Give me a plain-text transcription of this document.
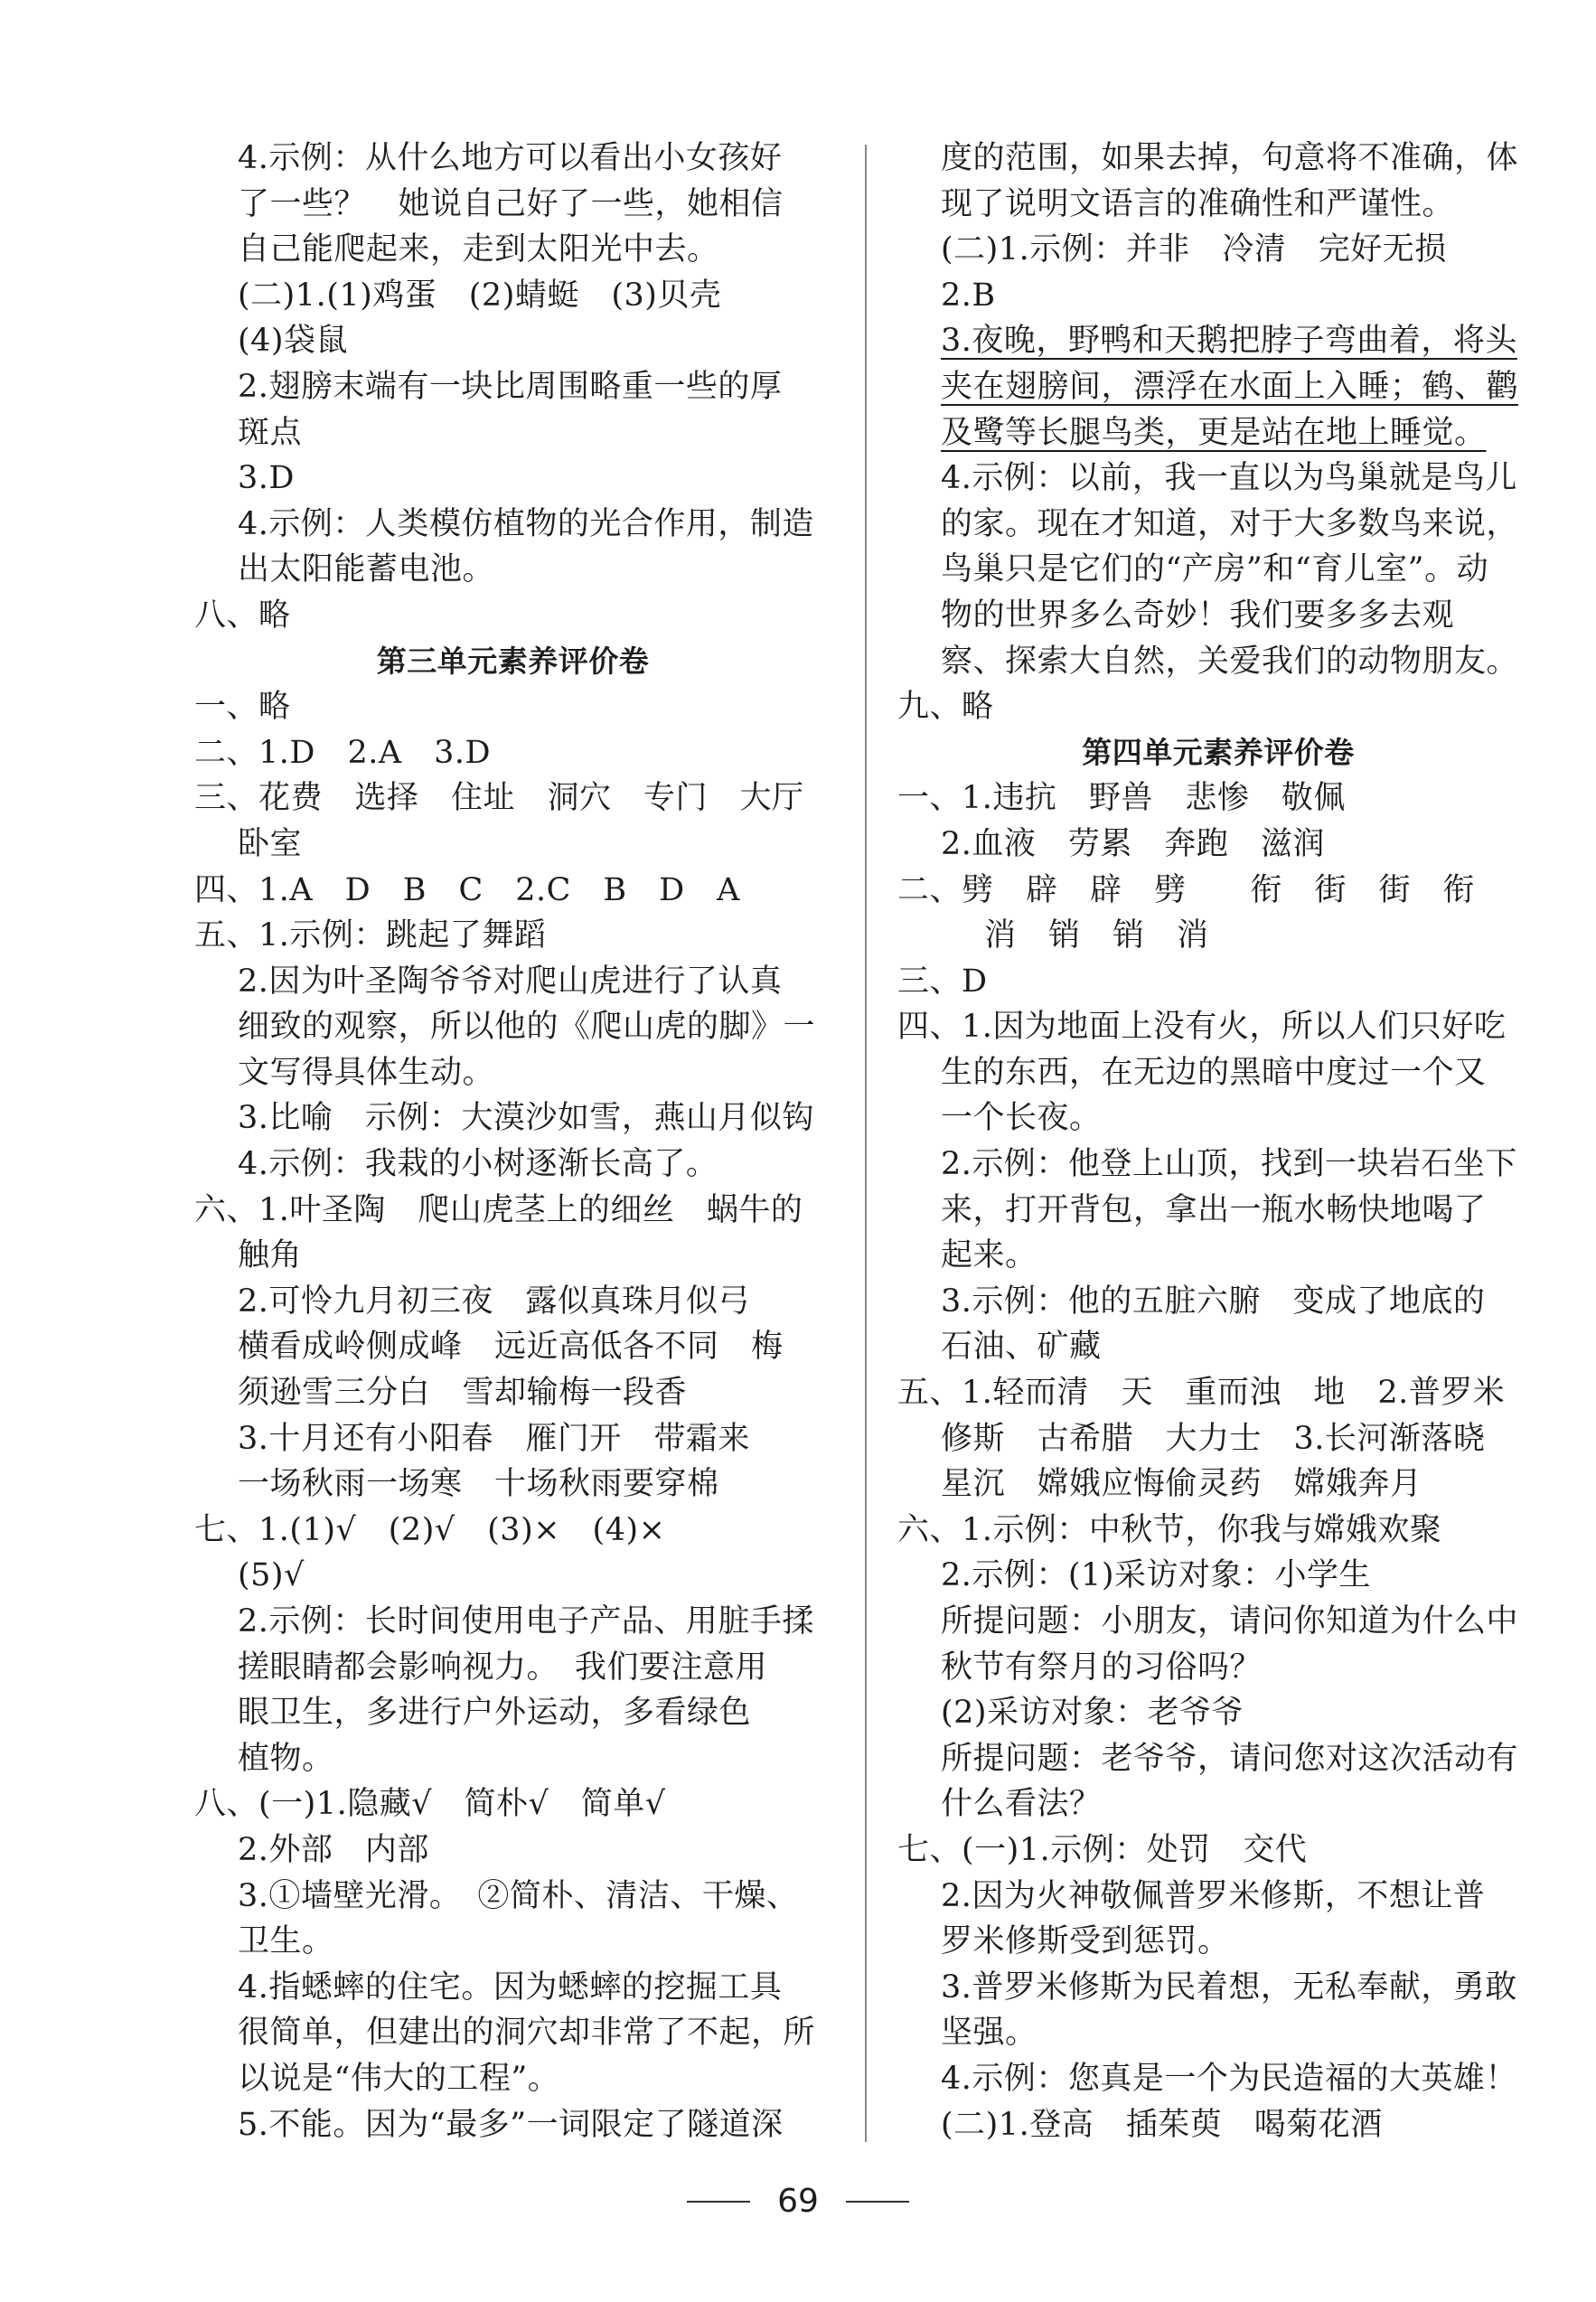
4.示例：从什么地方可以看出小女孩好
了一些？　她说自己好了一些，她相信
自己能爬起来，走到太阳光中去。
(二)1.(1)鸡蛋　(2)蜻蜓　(3)贝壳
(4)袋鼠
2.翅膀末端有一块比周围略重一些的厚
斑点
3.D
4.示例：人类模仿植物的光合作用，制造
出太阳能蓄电池。
八、略
第三单元素养评价卷
一、略
二、1.D　2.A　3.D
三、花费　选择　住址　洞穴　专门　大厅
卧室
四、1.A　D　B　C　2.C　B　D　A
五、1.示例：跳起了舞蹈
2.因为叶圣陶爷爷对爬山虎进行了认真
细致的观察，所以他的《爬山虎的脚》一
文写得具体生动。
3.比喻　示例：大漠沙如雪，燕山月似钩
4.示例：我栽的小树逐渐长高了。
六、1.叶圣陶　爬山虎茎上的细丝　蜗牛的
触角
2.可怜九月初三夜　露似真珠月似弓
横看成岭侧成峰　远近高低各不同　梅
须逊雪三分白　雪却输梅一段香
3.十月还有小阳春　雁门开　带霜来
一场秋雨一场寒　十场秋雨要穿棉
七、1.(1)√　(2)√　(3)×　(4)×
(5)√
2.示例：长时间使用电子产品、用脏手揉
搓眼睛都会影响视力。　我们要注意用
眼卫生，多进行户外运动，多看绿色
植物。
八、(一)1.隐藏√　简朴√　简单√
2.外部　内部
3.①墙壁光滑。　②简朴、清洁、干燥、
卫生。
4.指蟋蟀的住宅。因为蟋蟀的挖掘工具
很简单，但建出的洞穴却非常了不起，所
以说是“伟大的工程”。
5.不能。因为“最多”一词限定了隧道深
度的范围，如果去掉，句意将不准确，体
现了说明文语言的准确性和严谨性。
(二)1.示例：并非　冷清　完好无损
2.B
3.夜晚，野鸭和天鹅把脖子弯曲着，将头
夹在翅膀间，漂浮在水面上入睡；鹤、鹳
及鹭等长腿鸟类，更是站在地上睡觉。
4.示例：以前，我一直以为鸟巢就是鸟儿
的家。现在才知道，对于大多数鸟来说，
鸟巢只是它们的“产房”和“育儿室”。动
物的世界多么奇妙！我们要多多去观
察、探索大自然，关爱我们的动物朋友。
九、略
第四单元素养评价卷
一、1.违抗　野兽　悲惨　敬佩
2.血液　劳累　奔跑　滋润
二、劈　辟　辟　劈　　衔　街　街　衔
消　销　销　消
三、D
四、1.因为地面上没有火，所以人们只好吃
生的东西，在无边的黑暗中度过一个又
一个长夜。
2.示例：他登上山顶，找到一块岩石坐下
来，打开背包，拿出一瓶水畅快地喝了
起来。
3.示例：他的五脏六腑　变成了地底的
石油、矿藏
五、1.轻而清　天　重而浊　地　2.普罗米
修斯　古希腊　大力士　3.长河渐落晓
星沉　嫦娥应悔偷灵药　嫦娥奔月
六、1.示例：中秋节，你我与嫦娥欢聚
2.示例：(1)采访对象：小学生
所提问题：小朋友，请问你知道为什么中
秋节有祭月的习俗吗？
(2)采访对象：老爷爷
所提问题：老爷爷，请问您对这次活动有
什么看法？
七、(一)1.示例：处罚　交代
2.因为火神敬佩普罗米修斯，不想让普
罗米修斯受到惩罚。
3.普罗米修斯为民着想，无私奉献，勇敢
坚强。
4.示例：您真是一个为民造福的大英雄！
(二)1.登高　插茱萸　喝菊花酒
69
